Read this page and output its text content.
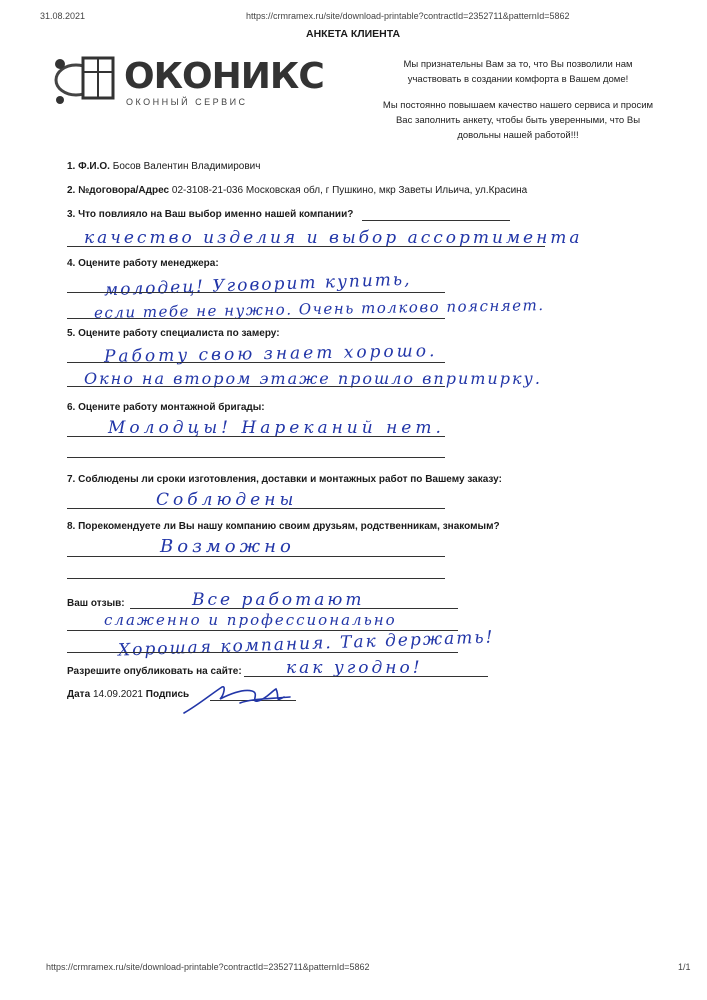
31.08.2021	https://crmramex.ru/site/download-printable?contractId=2352711&patternId=5862
АНКЕТА КЛИЕНТА
ОКОНИКС
ОКОННЫЙ СЕРВИС
Мы признательны Вам за то, что Вы позволили нам
участвовать в создании комфорта в Вашем доме!
Мы постоянно повышаем качество нашего сервиса и просим
Вас заполнить анкету, чтобы быть уверенными, что Вы
довольны нашей работой!!!
1. Ф.И.О. Босов Валентин Владимирович
2. №договора/Адрес 02-3108-21-036 Московская обл, г Пушкино, мкр Заветы Ильича, ул.Красина
3. Что повлияло на Ваш выбор именно нашей компании?
качество изделия и выбор ассортимента
4. Оцените работу менеджера:
молодец! Уговорит купить,
если тебе не нужно. Очень толково поясняет.
5. Оцените работу специалиста по замеру:
Работу свою знает хорошо.
Окно на втором этаже прошло впритирку.
6. Оцените работу монтажной бригады:
Молодцы! Нареканий нет.
7. Соблюдены ли сроки изготовления, доставки и монтажных работ по Вашему заказу:
Соблюдены
8. Порекомендуете ли Вы нашу компанию своим друзьям, родственникам, знакомым?
Возможно
Ваш отзыв:	Все работают
слаженно и профессионально
Хорошая компания. Так держать!
Разрешите опубликовать на сайте:	как угодно!
Дата 14.09.2021 Подпись
https://crmramex.ru/site/download-printable?contractId=2352711&patternId=5862	1/1
